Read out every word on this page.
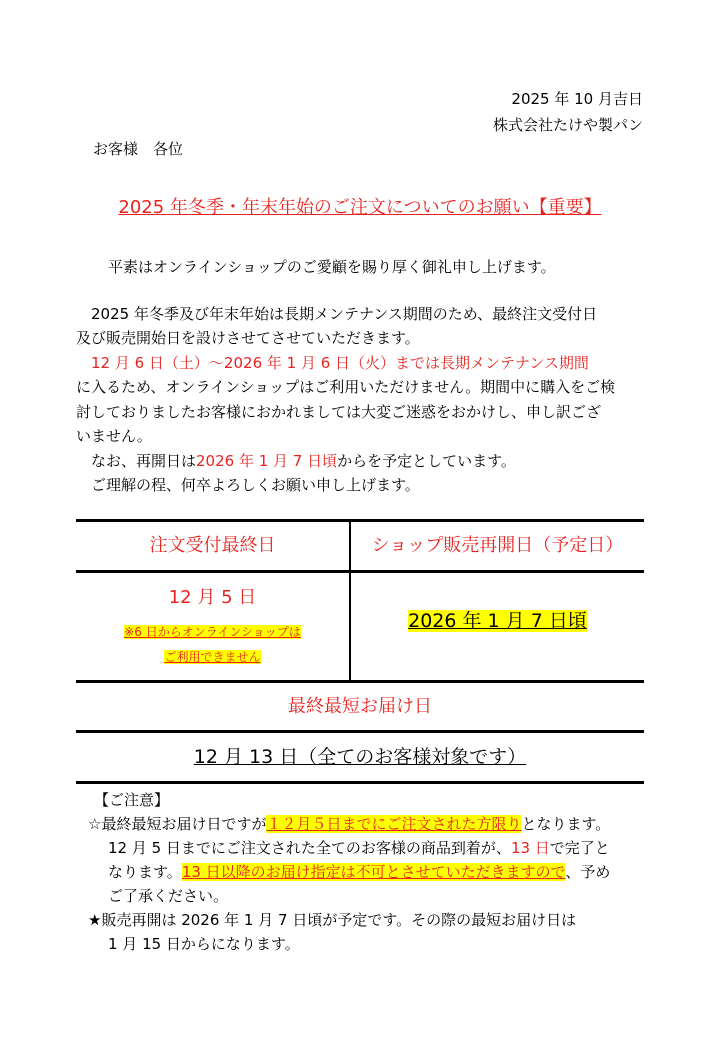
2025 年 10 月吉日
株式会社たけや製パン
お客様　各位
2025 年冬季・年末年始のご注文についてのお願い【重要】
平素はオンラインショップのご愛顧を賜り厚く御礼申し上げます。
2025 年冬季及び年末年始は長期メンテナンス期間のため、最終注文受付日
及び販売開始日を設けさせてさせていただきます。
12 月 6 日（土）～2026 年 1 月 6 日（火）までは長期メンテナンス期間
に入るため、オンラインショップはご利用いただけません。期間中に購入をご検
討しておりましたお客様におかれましては大変ご迷惑をおかけし、申し訳ござ
いません。
なお、再開日は2026 年 1 月 7 日頃からを予定としています。
ご理解の程、何卒よろしくお願い申し上げます。
注文受付最終日	ショップ販売再開日（予定日）
12 月 5 日
※6 日からオンラインショップは
ご利用できません
2026 年 1 月 7 日頃
最終最短お届け日
12 月 13 日（全てのお客様対象です）
【ご注意】
☆最終最短お届け日ですが１２月５日までにご注文された方限りとなります。
12 月 5 日までにご注文された全てのお客様の商品到着が、13 日で完了と
なります。13 日以降のお届け指定は不可とさせていただきますので、予め
ご了承ください。
★販売再開は 2026 年 1 月 7 日頃が予定です。その際の最短お届け日は
1 月 15 日からになります。
